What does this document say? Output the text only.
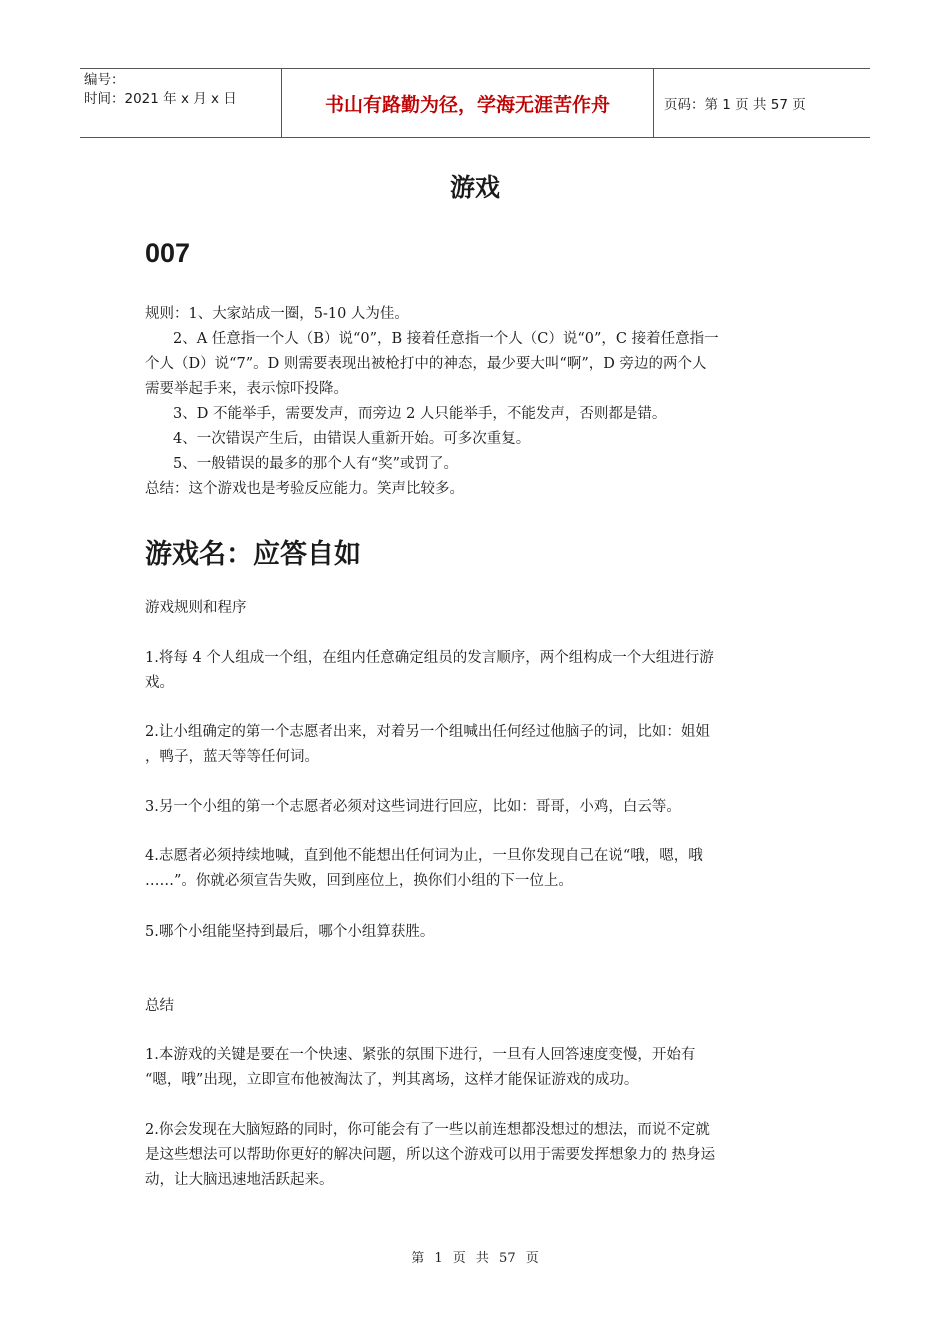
编号：
时间：2021 年 x 月 x 日	书山有路勤为径，学海无涯苦作舟	页码：第 1 页 共 57 页
游戏
007
规则：1、大家站成一圈，5-10 人为佳。
2、A 任意指一个人（B）说“0”，B 接着任意指一个人（C）说“0”，C 接着任意指一
个人（D）说“7”。D 则需要表现出被枪打中的神态，最少要大叫“啊”，D 旁边的两个人
需要举起手来，表示惊吓投降。
3、D 不能举手，需要发声，而旁边 2 人只能举手，不能发声，否则都是错。
4、一次错误产生后，由错误人重新开始。可多次重复。
5、一般错误的最多的那个人有“奖”或罚了。
总结：这个游戏也是考验反应能力。笑声比较多。
游戏名：应答自如
游戏规则和程序
1.将每 4 个人组成一个组，在组内任意确定组员的发言顺序，两个组构成一个大组进行游
戏。
2.让小组确定的第一个志愿者出来，对着另一个组喊出任何经过他脑子的词，比如：姐姐
，鸭子，蓝天等等任何词。
3.另一个小组的第一个志愿者必须对这些词进行回应，比如：哥哥，小鸡，白云等。
4.志愿者必须持续地喊，直到他不能想出任何词为止，一旦你发现自己在说“哦，嗯，哦
……”。你就必须宣告失败，回到座位上，换你们小组的下一位上。
5.哪个小组能坚持到最后，哪个小组算获胜。
总结
1.本游戏的关键是要在一个快速、紧张的氛围下进行，一旦有人回答速度变慢，开始有
“嗯，哦”出现，立即宣布他被淘汰了，判其离场，这样才能保证游戏的成功。
2.你会发现在大脑短路的同时，你可能会有了一些以前连想都没想过的想法，而说不定就
是这些想法可以帮助你更好的解决问题，所以这个游戏可以用于需要发挥想象力的 热身运
动，让大脑迅速地活跃起来。
第 1 页 共 57 页
